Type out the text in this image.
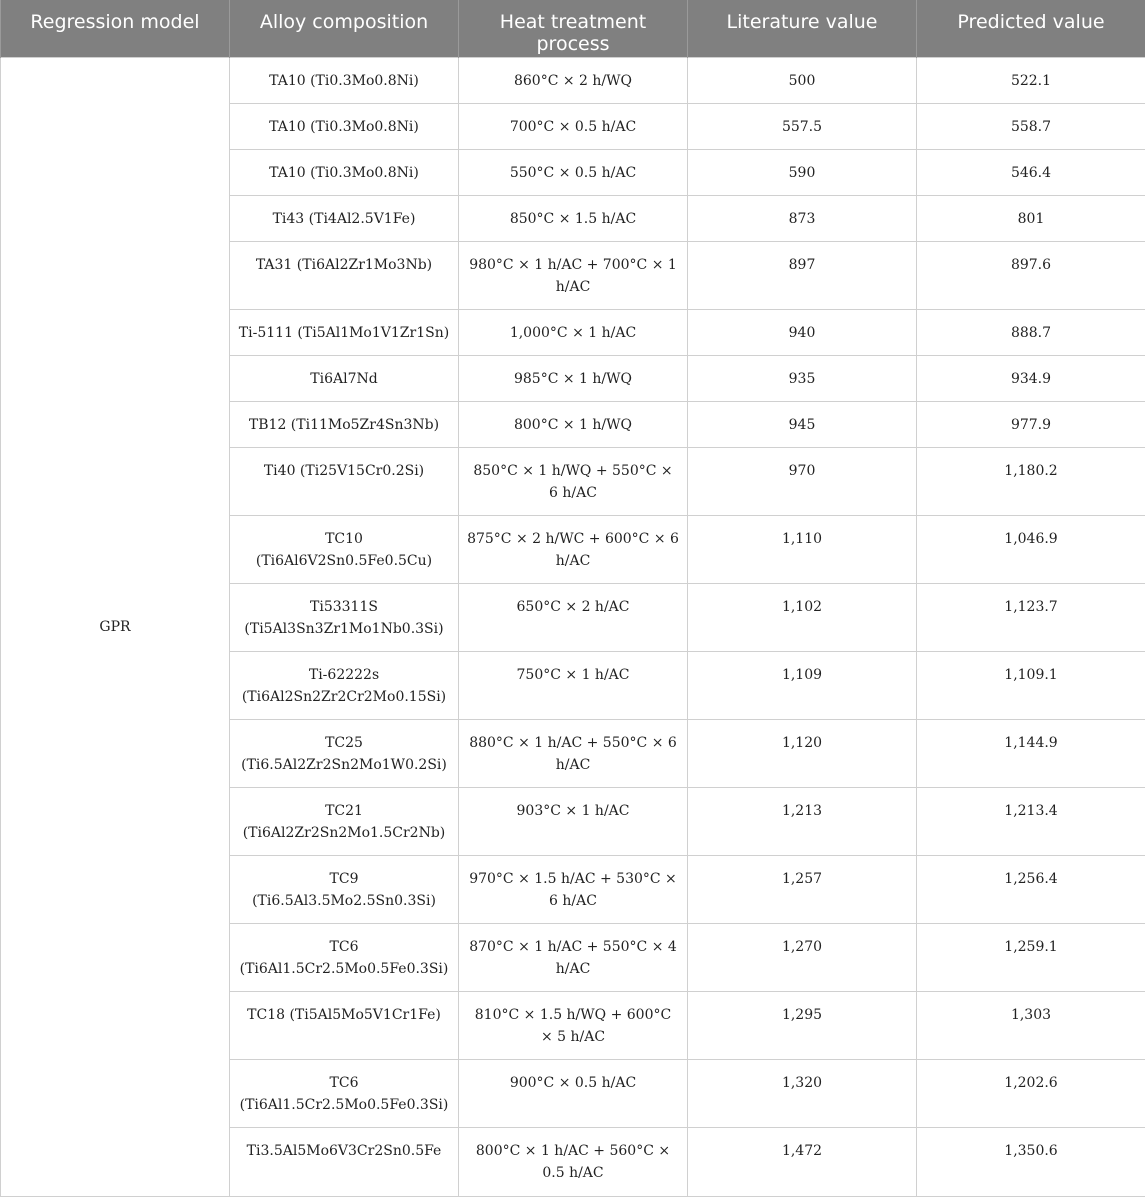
Regression model	Alloy composition	Heat treatment process	Literature value	Predicted value
GPR	TA10 (Ti0.3Mo0.8Ni)	860°C × 2 h/WQ	500	522.1
	TA10 (Ti0.3Mo0.8Ni)	700°C × 0.5 h/AC	557.5	558.7
	TA10 (Ti0.3Mo0.8Ni)	550°C × 0.5 h/AC	590	546.4
	Ti43 (Ti4Al2.5V1Fe)	850°C × 1.5 h/AC	873	801
	TA31 (Ti6Al2Zr1Mo3Nb)	980°C × 1 h/AC + 700°C × 1 h/AC	897	897.6
	Ti-5111 (Ti5Al1Mo1V1Zr1Sn)	1,000°C × 1 h/AC	940	888.7
	Ti6Al7Nd	985°C × 1 h/WQ	935	934.9
	TB12 (Ti11Mo5Zr4Sn3Nb)	800°C × 1 h/WQ	945	977.9
	Ti40 (Ti25V15Cr0.2Si)	850°C × 1 h/WQ + 550°C × 6 h/AC	970	1,180.2
	TC10 (Ti6Al6V2Sn0.5Fe0.5Cu)	875°C × 2 h/WC + 600°C × 6 h/AC	1,110	1,046.9
	Ti53311S (Ti5Al3Sn3Zr1Mo1Nb0.3Si)	650°C × 2 h/AC	1,102	1,123.7
	Ti-62222s (Ti6Al2Sn2Zr2Cr2Mo0.15Si)	750°C × 1 h/AC	1,109	1,109.1
	TC25 (Ti6.5Al2Zr2Sn2Mo1W0.2Si)	880°C × 1 h/AC + 550°C × 6 h/AC	1,120	1,144.9
	TC21 (Ti6Al2Zr2Sn2Mo1.5Cr2Nb)	903°C × 1 h/AC	1,213	1,213.4
	TC9 (Ti6.5Al3.5Mo2.5Sn0.3Si)	970°C × 1.5 h/AC + 530°C × 6 h/AC	1,257	1,256.4
	TC6 (Ti6Al1.5Cr2.5Mo0.5Fe0.3Si)	870°C × 1 h/AC + 550°C × 4 h/AC	1,270	1,259.1
	TC18 (Ti5Al5Mo5V1Cr1Fe)	810°C × 1.5 h/WQ + 600°C × 5 h/AC	1,295	1,303
	TC6 (Ti6Al1.5Cr2.5Mo0.5Fe0.3Si)	900°C × 0.5 h/AC	1,320	1,202.6
	Ti3.5Al5Mo6V3Cr2Sn0.5Fe	800°C × 1 h/AC + 560°C × 0.5 h/AC	1,472	1,350.6
